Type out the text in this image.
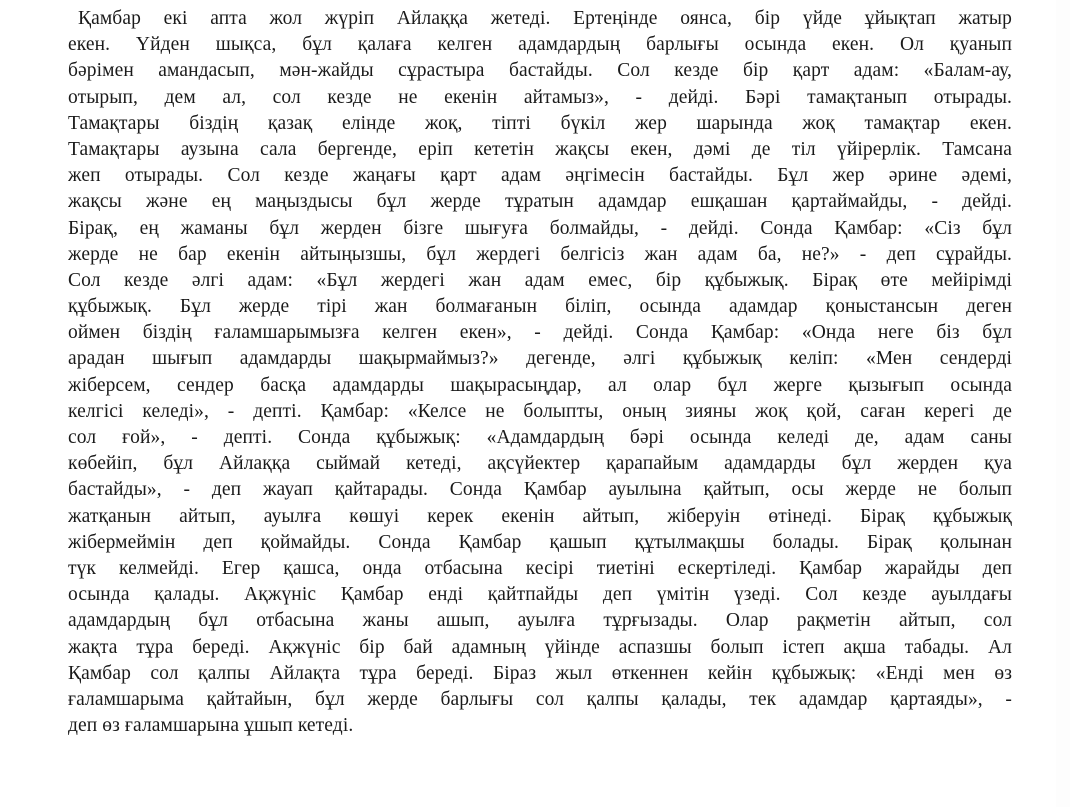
Қамбар екі апта жол жүріп Айлаққа жетеді. Ертеңінде оянса, бір үйде ұйықтап жатыр
екен. Үйден шықса, бұл қалаға келген адамдардың барлығы осында екен. Ол қуанып
бәрімен амандасып, мән-жайды сұрастыра бастайды. Сол кезде бір қарт адам: «Балам-ау,
отырып, дем ал, сол кезде не екенін айтамыз», - дейді. Бәрі тамақтанып отырады.
Тамақтары біздің қазақ елінде жоқ, тіпті бүкіл жер шарында жоқ тамақтар екен.
Тамақтары аузына сала бергенде, еріп кететін жақсы екен, дәмі де тіл үйірерлік. Тамсана
жеп отырады. Сол кезде жаңағы қарт адам әңгімесін бастайды. Бұл жер әрине әдемі,
жақсы және ең маңыздысы бұл жерде тұратын адамдар ешқашан қартаймайды, - дейді.
Бірақ, ең жаманы бұл жерден бізге шығуға болмайды, - дейді. Сонда Қамбар: «Сіз бұл
жерде не бар екенін айтыңызшы, бұл жердегі белгісіз жан адам ба, не?» - деп сұрайды.
Сол кезде әлгі адам: «Бұл жердегі жан адам емес, бір құбыжық. Бірақ өте мейірімді
құбыжық. Бұл жерде тірі жан болмағанын біліп, осында адамдар қоныстансын деген
оймен біздің ғаламшарымызға келген екен», - дейді. Сонда Қамбар: «Онда неге біз бұл
арадан шығып адамдарды шақырмаймыз?» дегенде, әлгі құбыжық келіп: «Мен сендерді
жіберсем, сендер басқа адамдарды шақырасыңдар, ал олар бұл жерге қызығып осында
келгісі келеді», - депті. Қамбар: «Келсе не болыпты, оның зияны жоқ қой, саған керегі де
сол ғой», - депті. Сонда құбыжық: «Адамдардың бәрі осында келеді де, адам саны
көбейіп, бұл Айлаққа сыймай кетеді, ақсүйектер қарапайым адамдарды бұл жерден қуа
бастайды», - деп жауап қайтарады. Сонда Қамбар ауылына қайтып, осы жерде не болып
жатқанын айтып, ауылға көшуі керек екенін айтып, жіберуін өтінеді. Бірақ құбыжық
жібермеймін деп қоймайды. Сонда Қамбар қашып құтылмақшы болады. Бірақ қолынан
түк келмейді. Егер қашса, онда отбасына кесірі тиетіні ескертіледі. Қамбар жарайды деп
осында қалады. Ақжүніс Қамбар енді қайтпайды деп үмітін үзеді. Сол кезде ауылдағы
адамдардың бұл отбасына жаны ашып, ауылға тұрғызады. Олар рақметін айтып, сол
жақта тұра береді. Ақжүніс бір бай адамның үйінде аспазшы болып істеп ақша табады. Ал
Қамбар сол қалпы Айлақта тұра береді. Біраз жыл өткеннен кейін құбыжық: «Енді мен өз
ғаламшарыма қайтайын, бұл жерде барлығы сол қалпы қалады, тек адамдар қартаяды», -
деп өз ғаламшарына ұшып кетеді.
